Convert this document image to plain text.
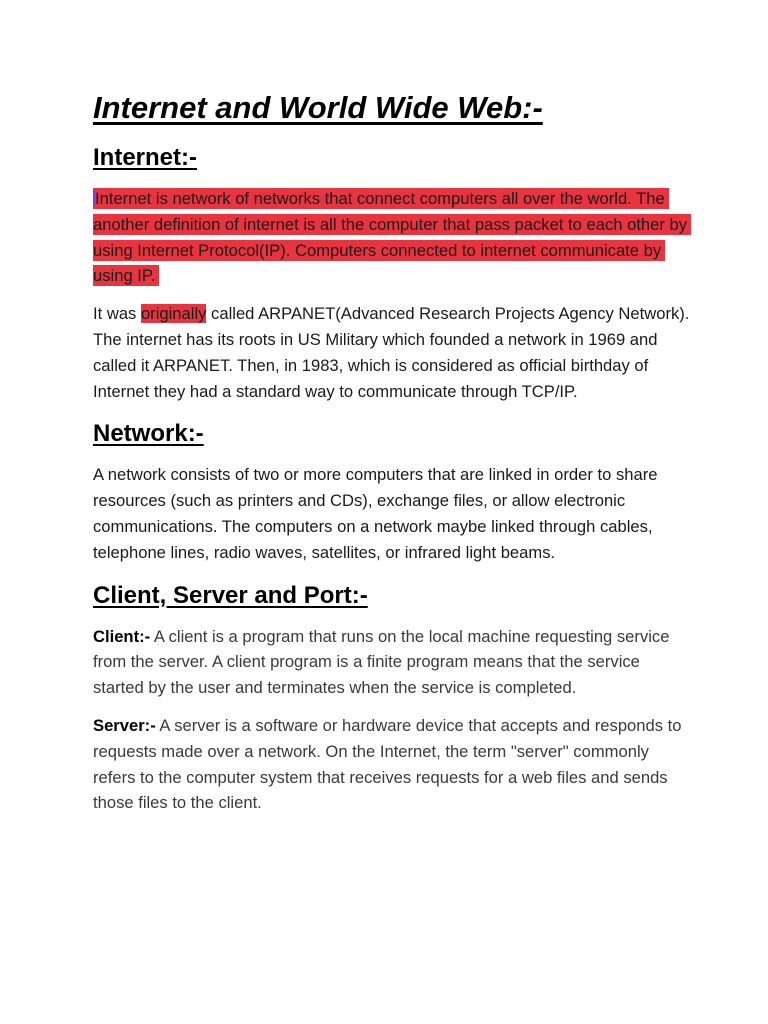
Internet and World Wide Web:-
Internet:-

Internet is network of networks that connect computers all over the world. The another definition of internet is all the computer that pass packet to each other by using Internet Protocol(IP). Computers connected to internet communicate by using IP.

It was originally called ARPANET(Advanced Research Projects Agency Network). The internet has its roots in US Military which founded a network in 1969 and called it ARPANET. Then, in 1983, which is considered as official birthday of Internet they had a standard way to communicate through TCP/IP.

Network:-

A network consists of two or more computers that are linked in order to share resources (such as printers and CDs), exchange files, or allow electronic communications. The computers on a network maybe linked through cables, telephone lines, radio waves, satellites, or infrared light beams.

Client, Server and Port:-

Client:- A client is a program that runs on the local machine requesting service from the server. A client program is a finite program means that the service started by the user and terminates when the service is completed.

Server:- A server is a software or hardware device that accepts and responds to requests made over a network. On the Internet, the term "server" commonly refers to the computer system that receives requests for a web files and sends those files to the client.
